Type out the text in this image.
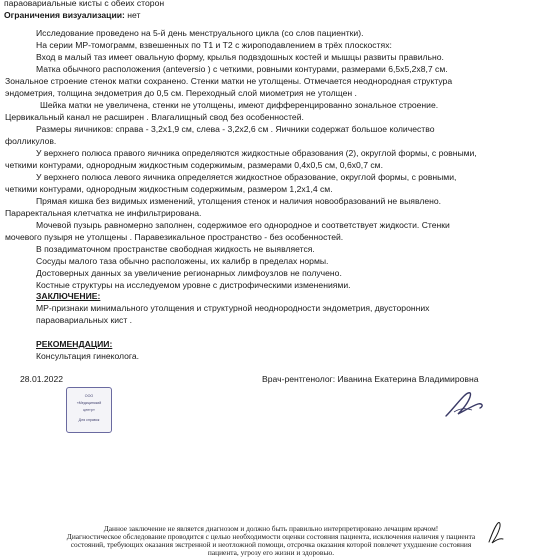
параовариальные кисты с обеих сторон
Ограничения визуализации: нет
Исследование проведено на 5-й день менструального цикла (со слов пациентки).
На серии МР-томограмм, взвешенных по Т1 и Т2 с жироподавлением в трёх плоскостях:
Вход в малый таз имеет овальную форму, крылья подвздошных костей и мышцы развиты правильно.
Матка обычного расположения (anteversio ) с четкими, ровными контурами, размерами 6,5х5,2х8,7 см.
Зональное строение стенок матки сохранено. Стенки матки не утолщены. Отмечается неоднородная структура
эндометрия, толщина эндометрия до 0,5 см. Переходный слой миометрия не утолщен .
Шейка матки не увеличена, стенки не утолщены, имеют дифференцированно зональное строение.
Цервикальный канал не расширен . Влагалищный свод без особенностей.
Размеры яичников: справа - 3,2х1,9 см, слева - 3,2х2,6 см . Яичники содержат большое количество
фолликулов.
У верхнего полюса правого яичника определяются жидкостные образования (2), округлой формы, с ровными,
четкими контурами, однородным жидкостным содержимым, размерами 0,4х0,5 см, 0,6х0,7 см.
У верхнего полюса левого яичника определяется жидкостное образование, округлой формы, с ровными,
четкими контурами, однородным жидкостным содержимым, размером 1,2х1,4 см.
Прямая кишка без видимых изменений, утолщения стенок и наличия новообразований не выявлено.
Параректальная клетчатка не инфильтрирована.
Мочевой пузырь равномерно заполнен, содержимое его однородное и соответствует жидкости. Стенки
мочевого пузыря не утолщены . Паравезикальное пространство - без особенностей.
В позадиматочном пространстве свободная жидкость не выявляется.
Сосуды малого таза обычно расположены, их калибр в пределах нормы.
Достоверных данных за увеличение регионарных лимфоузлов не получено.
Костные структуры на исследуемом уровне с дистрофическими изменениями.
ЗАКЛЮЧЕНИЕ:
МР-признаки минимального утолщения и структурной неоднородности эндометрия, двусторонних
параовариальных кист .
РЕКОМЕНДАЦИИ:
Консультация гинеколога.
28.01.2022	Врач-рентгенолог: Иванина Екатерина Владимировна
ООО
«Медицинский
центр»
Для справок
Данное заключение не является диагнозом и должно быть правильно интерпретировано лечащим врачом!
Диагностическое обследование проводится с целью необходимости оценки состояния пациента, исключения наличия у пациента
состояний, требующих оказания экстренной и неотложной помощи, отсрочка оказания которой повлечет ухудшение состояния
пациента, угрозу его жизни и здоровью.
